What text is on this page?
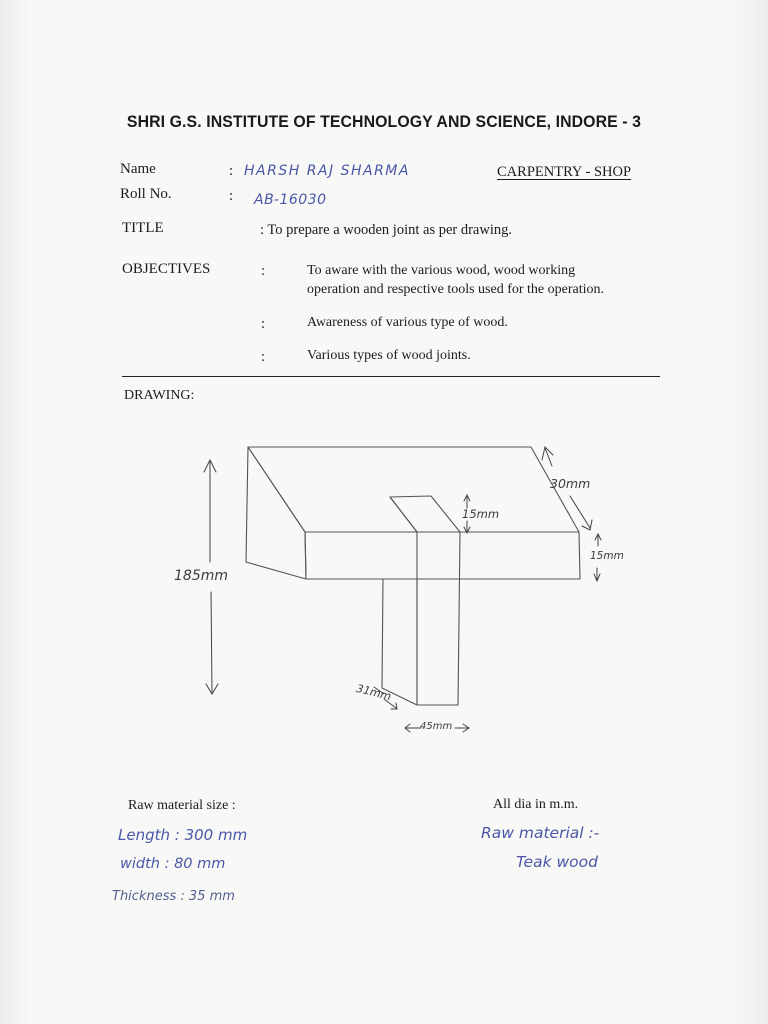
SHRI G.S. INSTITUTE OF TECHNOLOGY AND SCIENCE, INDORE - 3
Name	: HARSH RAJ SHARMA	CARPENTRY - SHOP
Roll No.	: AB-16030
TITLE	: To prepare a wooden joint as per drawing.
OBJECTIVES	:	To aware with the various wood, wood working
operation and respective tools used for the operation.
:	Awareness of various type of wood.
:	Various types of wood joints.
DRAWING:
185mm
30mm
15mm
15mm
31mm
45mm
Raw material size :	All dia in m.m.
Length : 300 mm
width : 80 mm
Thickness : 35 mm
Raw material :-
Teak wood
